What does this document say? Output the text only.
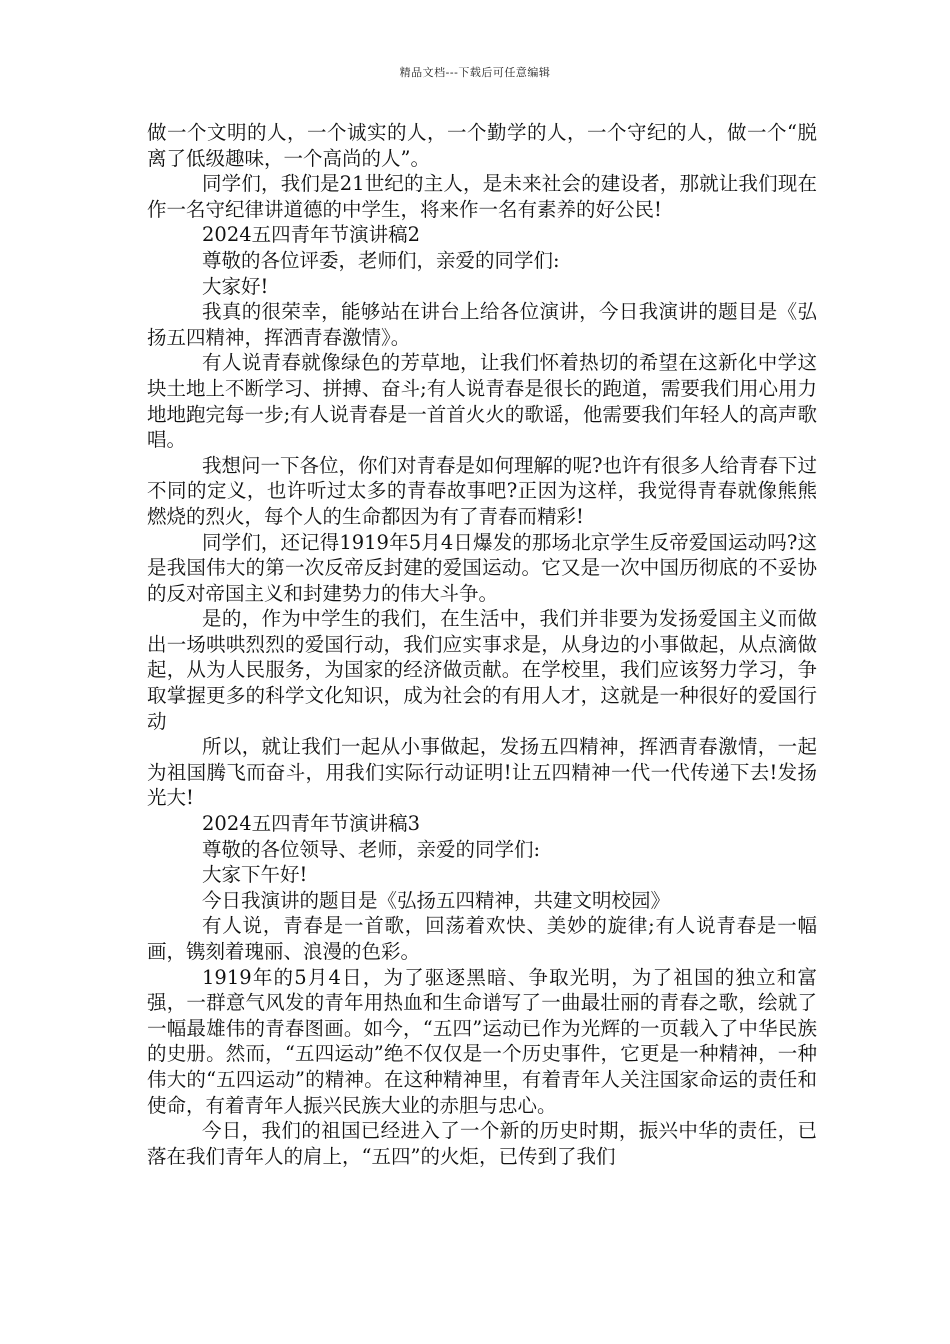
精品文档---下载后可任意编辑

做一个文明的人，一个诚实的人，一个勤学的人，一个守纪的人，做一个“脱离了低级趣味，一个高尚的人”。

同学们，我们是21世纪的主人，是未来社会的建设者，那就让我们现在作一名守纪律讲道德的中学生，将来作一名有素养的好公民!

2024五四青年节演讲稿2

尊敬的各位评委，老师们，亲爱的同学们:

大家好!

我真的很荣幸，能够站在讲台上给各位演讲，今日我演讲的题目是《弘扬五四精神，挥洒青春激情》。

有人说青春就像绿色的芳草地，让我们怀着热切的希望在这新化中学这块土地上不断学习、拼搏、奋斗;有人说青春是很长的跑道，需要我们用心用力地地跑完每一步;有人说青春是一首首火火的歌谣，他需要我们年轻人的高声歌唱。

我想问一下各位，你们对青春是如何理解的呢?也许有很多人给青春下过不同的定义，也许听过太多的青春故事吧?正因为这样，我觉得青春就像熊熊燃烧的烈火，每个人的生命都因为有了青春而精彩!

同学们，还记得1919年5月4日爆发的那场北京学生反帝爱国运动吗?这是我国伟大的第一次反帝反封建的爱国运动。它又是一次中国历彻底的不妥协的反对帝国主义和封建势力的伟大斗争。

是的，作为中学生的我们，在生活中，我们并非要为发扬爱国主义而做出一场哄哄烈烈的爱国行动，我们应实事求是，从身边的小事做起，从点滴做起，从为人民服务，为国家的经济做贡献。在学校里，我们应该努力学习，争取掌握更多的科学文化知识，成为社会的有用人才，这就是一种很好的爱国行动

所以，就让我们一起从小事做起，发扬五四精神，挥洒青春激情，一起为祖国腾飞而奋斗，用我们实际行动证明!让五四精神一代一代传递下去!发扬光大!

2024五四青年节演讲稿3

尊敬的各位领导、老师，亲爱的同学们:

大家下午好!

今日我演讲的题目是《弘扬五四精神，共建文明校园》

有人说，青春是一首歌，回荡着欢快、美妙的旋律;有人说青春是一幅画，镌刻着瑰丽、浪漫的色彩。

1919年的5月4日，为了驱逐黑暗、争取光明，为了祖国的独立和富强，一群意气风发的青年用热血和生命谱写了一曲最壮丽的青春之歌，绘就了一幅最雄伟的青春图画。如今，“五四”运动已作为光辉的一页载入了中华民族的史册。然而，“五四运动”绝不仅仅是一个历史事件，它更是一种精神，一种伟大的“五四运动”的精神。在这种精神里，有着青年人关注国家命运的责任和使命，有着青年人振兴民族大业的赤胆与忠心。

今日，我们的祖国已经进入了一个新的历史时期，振兴中华的责任，已落在我们青年人的肩上，“五四”的火炬，已传到了我们
